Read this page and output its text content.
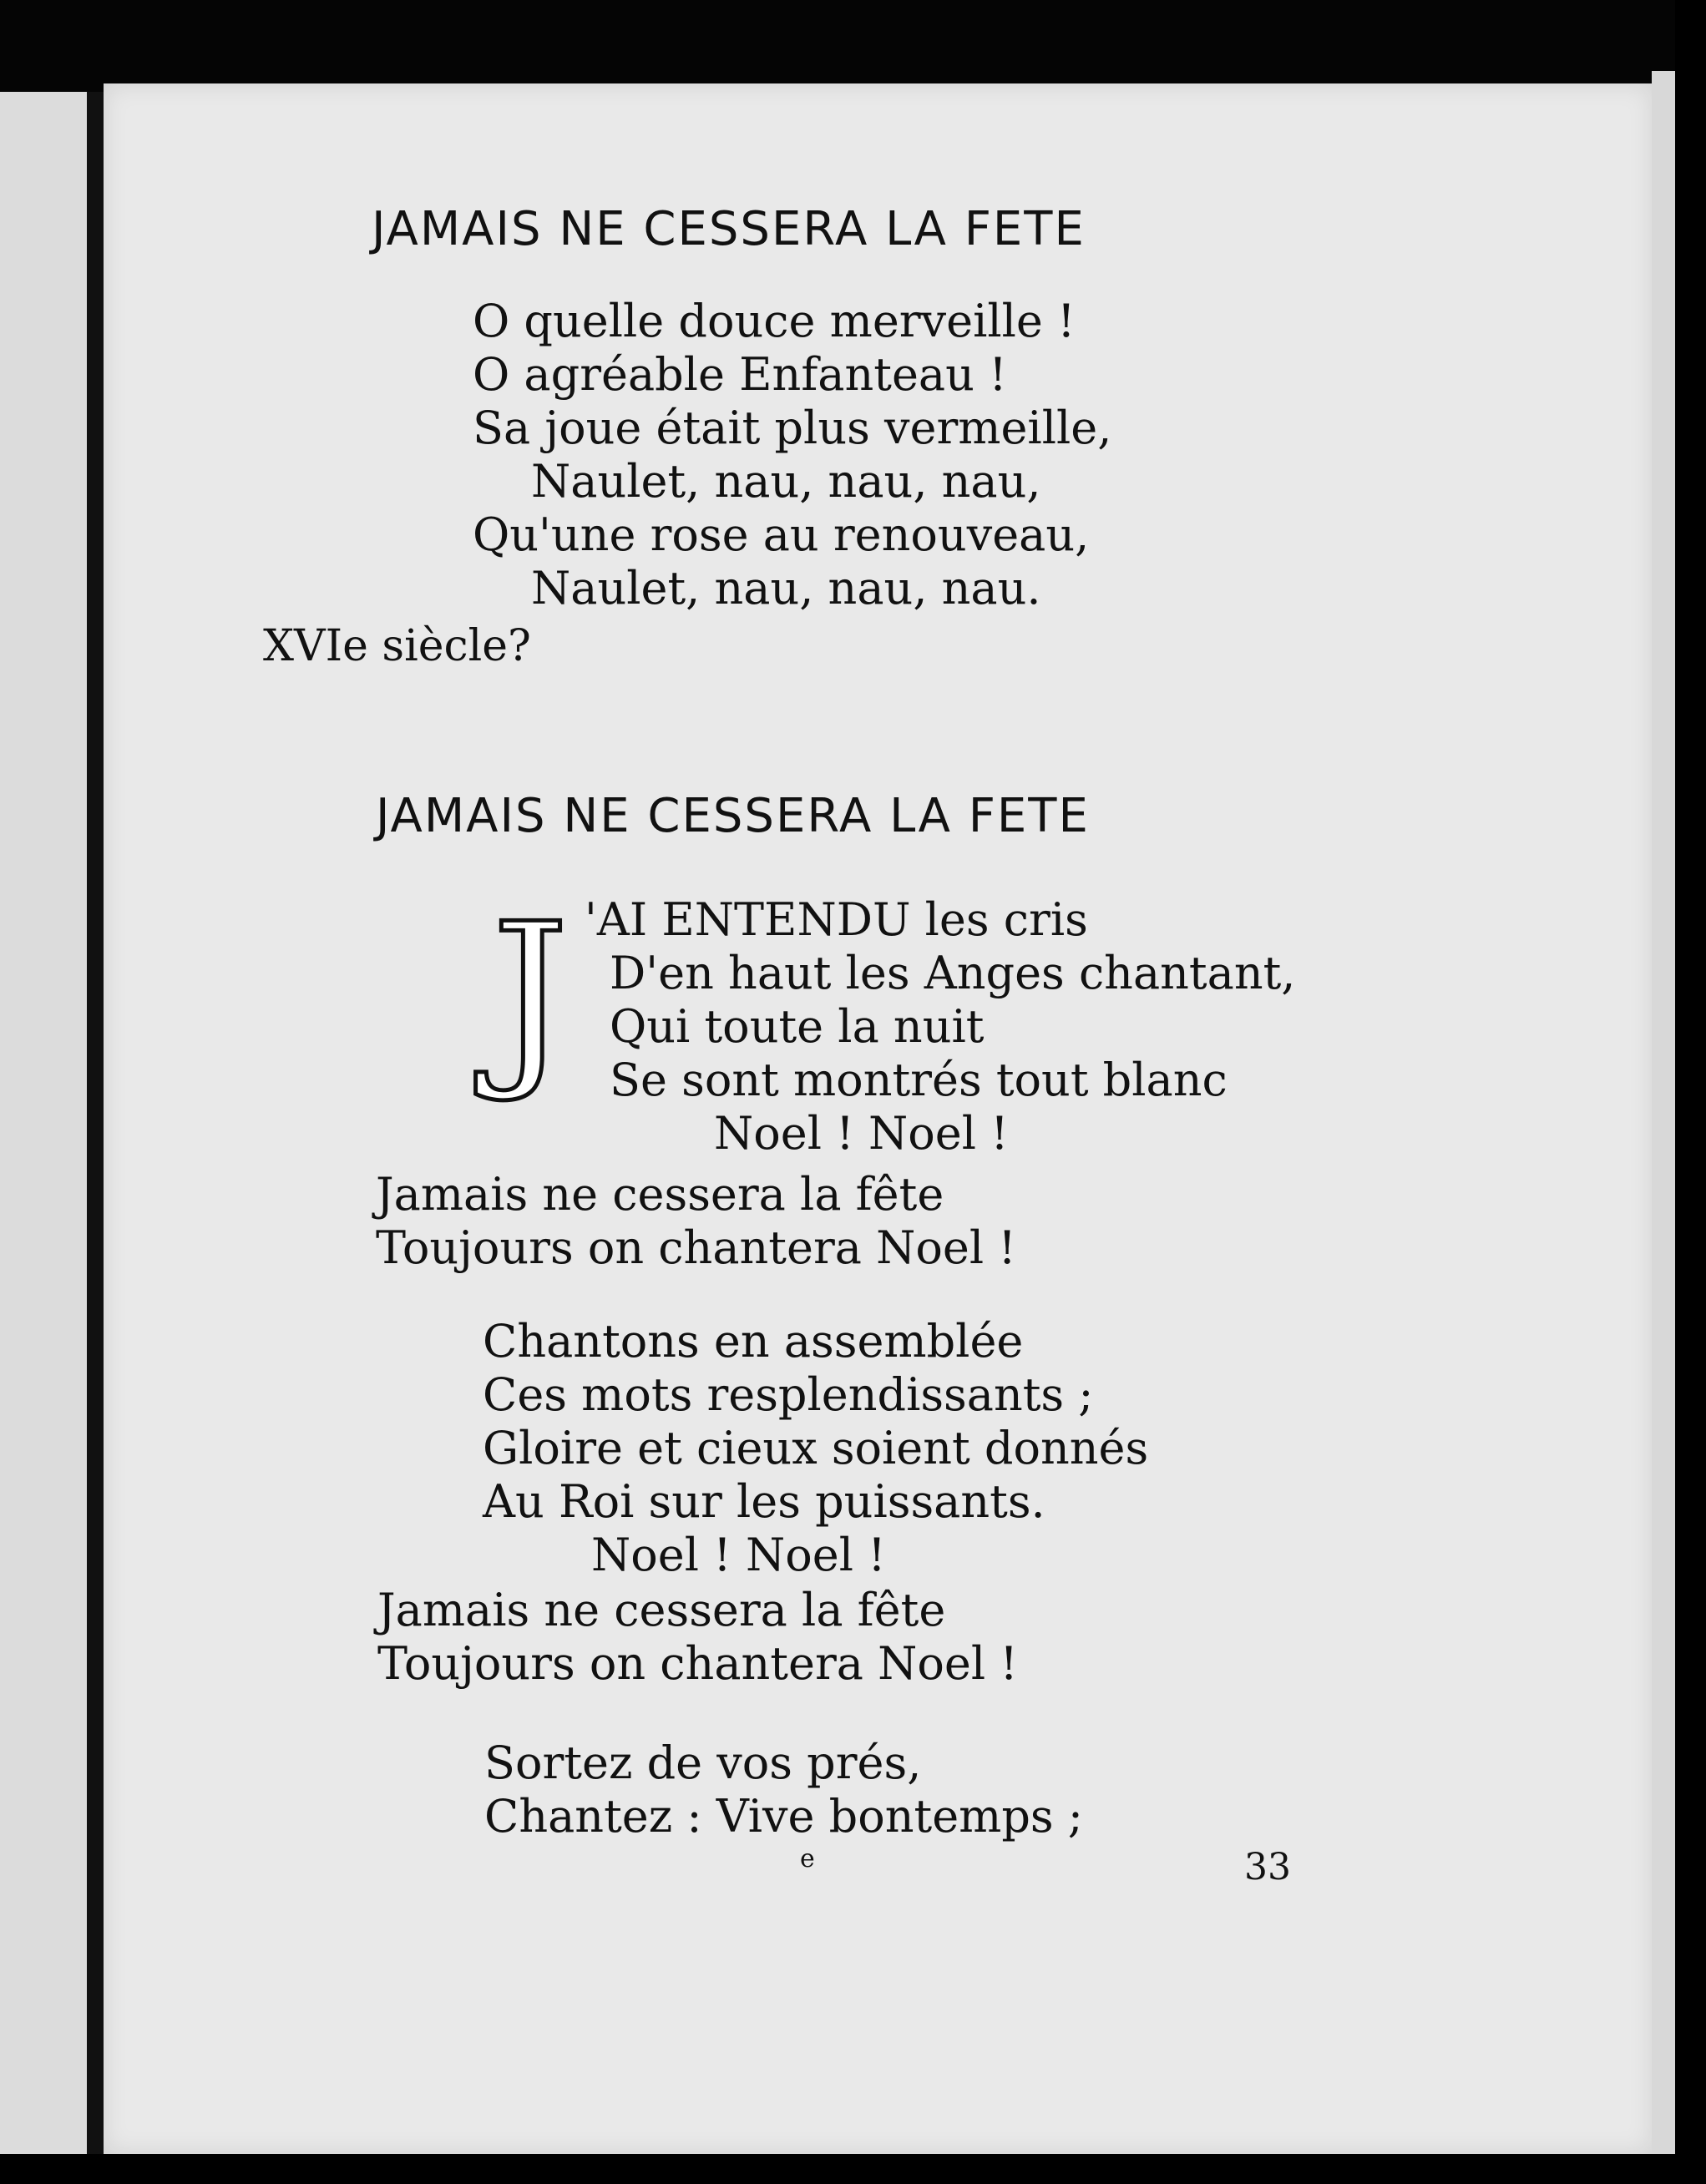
JAMAIS NE CESSERA LA FETE
O quelle douce merveille !
O agréable Enfanteau !
Sa joue était plus vermeille,
Naulet, nau, nau, nau,
Qu'une rose au renouveau,
Naulet, nau, nau, nau.
XVIe siècle?
JAMAIS NE CESSERA LA FETE
J 'AI ENTENDU les cris
D'en haut les Anges chantant,
Qui toute la nuit
Se sont montrés tout blanc
Noel ! Noel !
Jamais ne cessera la fête
Toujours on chantera Noel !
Chantons en assemblée
Ces mots resplendissants ;
Gloire et cieux soient donnés
Au Roi sur les puissants.
Noel ! Noel !
Jamais ne cessera la fête
Toujours on chantera Noel !
Sortez de vos prés,
Chantez : Vive bontemps ;
e	33
